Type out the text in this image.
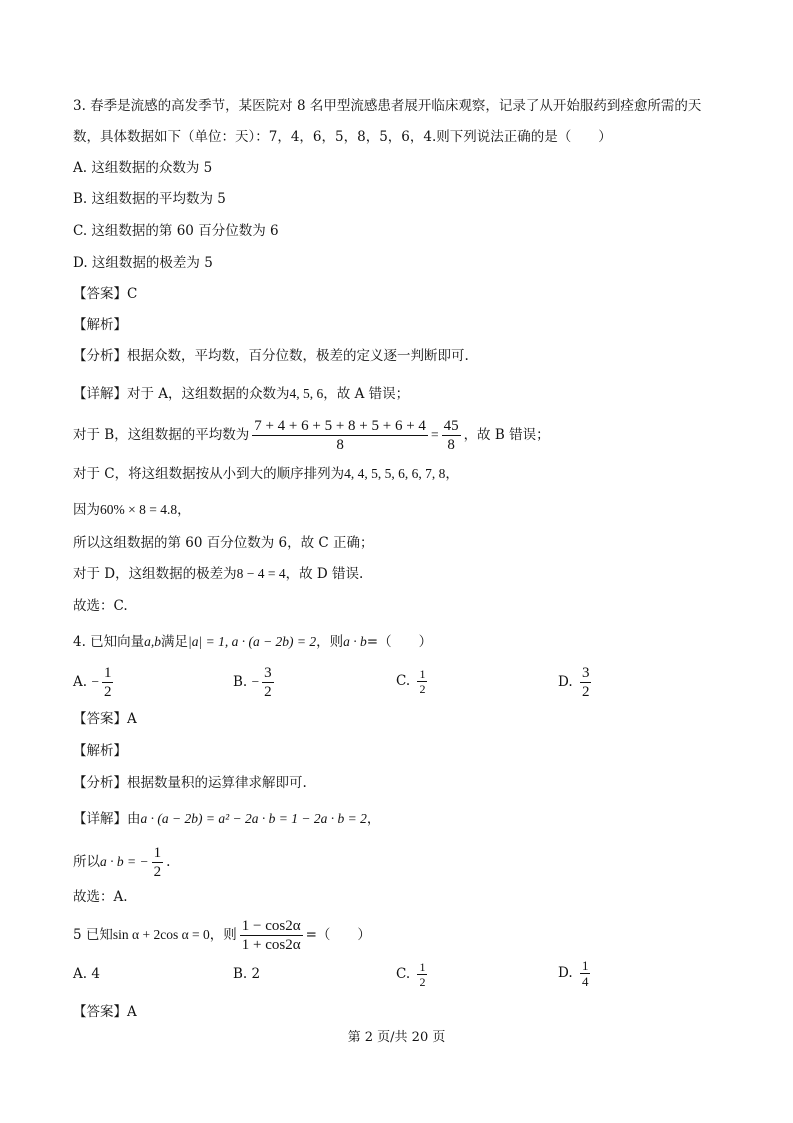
3. 春季是流感的高发季节，某医院对 8 名甲型流感患者展开临床观察，记录了从开始服药到痊愈所需的天
数，具体数据如下（单位：天）：7，4，6，5，8，5，6，4.则下列说法正确的是（　　）
A. 这组数据的众数为 5
B. 这组数据的平均数为 5
C. 这组数据的第 60 百分位数为 6
D. 这组数据的极差为 5
【答案】C
【解析】
【分析】根据众数，平均数，百分位数，极差的定义逐一判断即可.
【详解】对于 A，这组数据的众数为4, 5, 6，故 A 错误；
对于 B，这组数据的平均数为 $\frac{7 + 4 + 6 + 5 + 8 + 5 + 6 + 4}{8} = \frac{45}{8}$ ，故 B 错误；
对于 C，将这组数据按从小到大的顺序排列为4, 4, 5, 5, 6, 6, 7, 8，
因为60% × 8 = 4.8，
所以这组数据的第 60 百分位数为 6，故 C 正确；
对于 D，这组数据的极差为8 − 4 = 4，故 D 错误.
故选：C.
4. 已知向量a,b满足|a| = 1, a · (a − 2b) = 2，则a · b=（　　）
A. − $\frac{1}{2}$	B. − $\frac{3}{2}$	C. $\frac{1}{2}$	D. $\frac{3}{2}$
【答案】A
【解析】
【分析】根据数量积的运算律求解即可.
【详解】由a · (a − 2b) = a² − 2a · b = 1 − 2a · b = 2，
所以a · b = − $\frac{1}{2}$ .
故选：A.
5 已知sin α + 2cos α = 0，则 $\frac{1 - \cos 2\alpha}{1 + \cos 2\alpha}$ =（　　）
A. 4	B. 2	C. $\frac{1}{2}$	D. $\frac{1}{4}$
【答案】A
第 2 页/共 20 页
